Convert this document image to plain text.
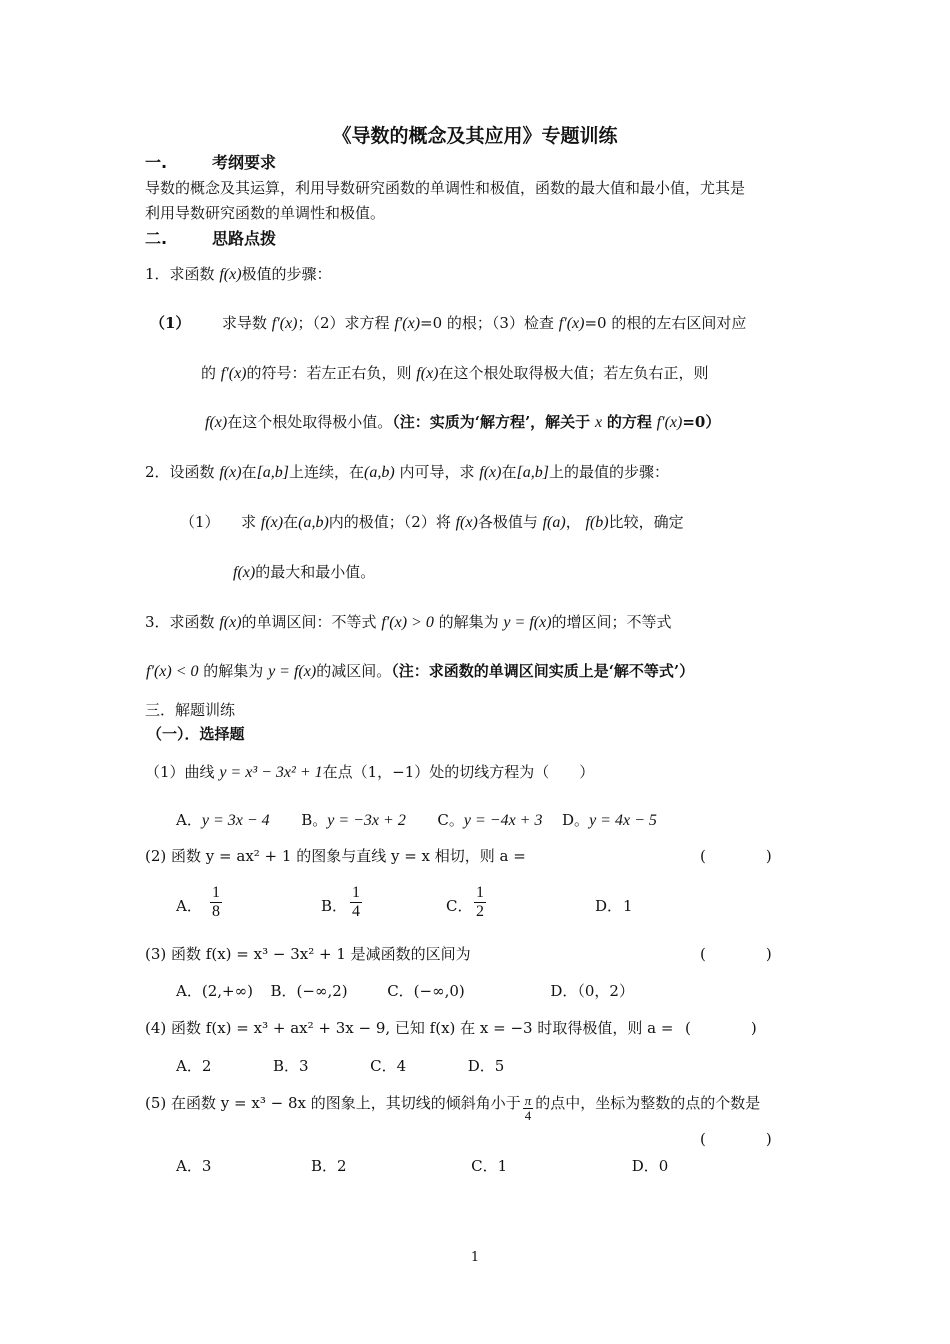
《导数的概念及其应用》专题训练
一.	考纲要求
导数的概念及其运算，利用导数研究函数的单调性和极值，函数的最大值和最小值，尤其是
利用导数研究函数的单调性和极值。
二.	思路点拨
1．求函数 f(x)极值的步骤：
（1） 求导数 f′(x)；（2）求方程 f′(x)=0 的根；（3）检查 f′(x)=0 的根的左右区间对应
的 f′(x)的符号：若左正右负，则 f(x)在这个根处取得极大值；若左负右正，则
f(x)在这个根处取得极小值。（注：实质为‘解方程’，解关于 x 的方程 f′(x)=0）
2．设函数 f(x)在[a,b]上连续，在(a,b) 内可导，求 f(x)在[a,b]上的最值的步骤：
（1） 求 f(x)在(a,b)内的极值；（2）将 f(x)各极值与 f(a)， f(b)比较，确定
f(x)的最大和最小值。
3．求函数 f(x)的单调区间：不等式 f′(x) > 0 的解集为 y = f(x)的增区间；不等式
f′(x) < 0 的解集为 y = f(x)的减区间。（注：求函数的单调区间实质上是‘解不等式’）
三．解题训练
（一）．选择题
（1）曲线 y = x³ − 3x² + 1在点（1，−1）处的切线方程为（　　）
A．y = 3x − 4 B。y = −3x + 2 C。y = −4x + 3 D。y = 4x − 5
(2) 函数 y = ax² + 1 的图象与直线 y = x 相切，则 a =	(　　　　)
A． $\frac{1}{8}$	B． $\frac{1}{4}$	C． $\frac{1}{2}$	D． 1
(3) 函数 f(x) = x³ − 3x² + 1 是减函数的区间为	(　　　　)
A．(2,+∞) B．(−∞,2)	C．(−∞,0)	D．（0，2）
(4) 函数 f(x) = x³ + ax² + 3x − 9, 已知 f(x) 在 x = −3 时取得极值，则 a = (　　　　)
A．2	B．3	C．4	D．5
(5) 在函数 y = x³ − 8x 的图象上，其切线的倾斜角小于 $\frac{\pi}{4}$ 的点中，坐标为整数的点的个数是
(　　　　)
A．3	B．2	C．1	D．0
1
